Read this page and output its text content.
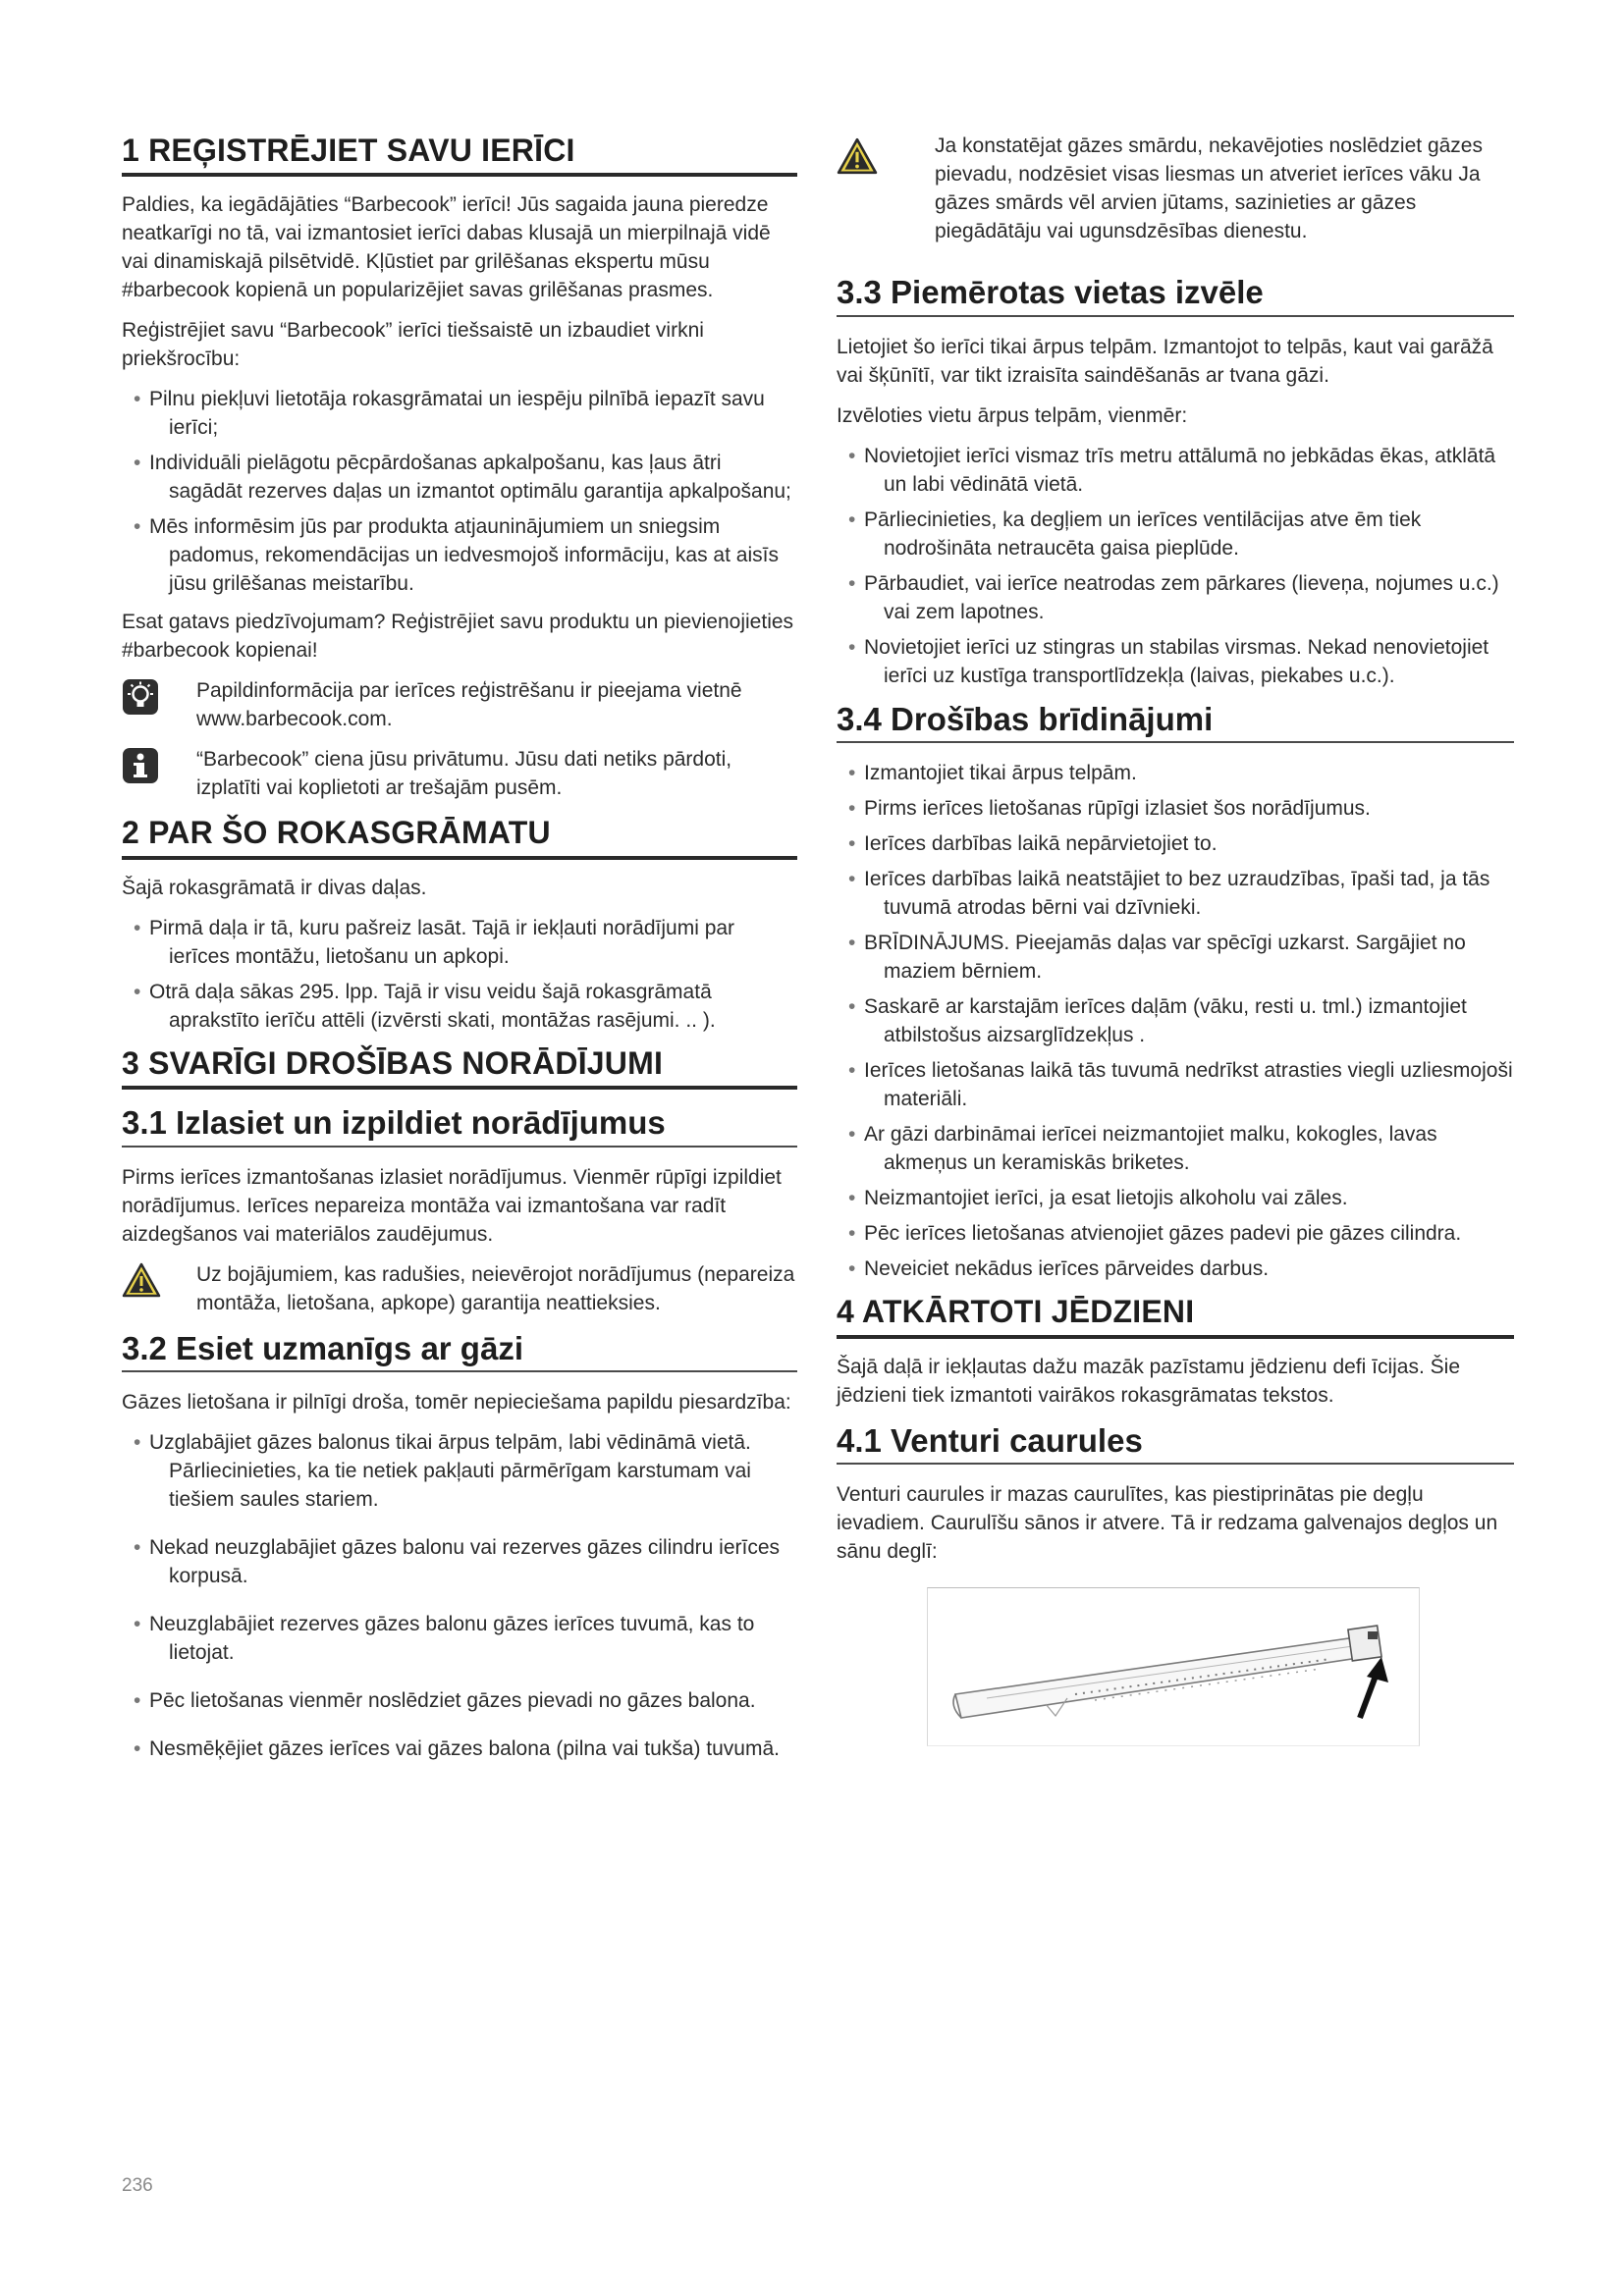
1 REĢISTRĒJIET SAVU IERĪCI

Paldies, ka iegādājāties “Barbecook” ierīci! Jūs sagaida jauna pieredze neatkarīgi no tā, vai izmantosiet ierīci dabas klusajā un mierpilnajā vidē vai dinamiskajā pilsētvidē. Kļūstiet par grilēšanas ekspertu mūsu #barbecook kopienā un popularizējiet savas grilēšanas prasmes.

Reģistrējiet savu “Barbecook” ierīci tiešsaistē un izbaudiet virkni priekšrocību:

• Pilnu piekļuvi lietotāja rokasgrāmatai un iespēju pilnībā iepazīt savu ierīci;
• Individuāli pielāgotu pēcpārdošanas apkalpošanu, kas ļaus ātri sagādāt rezerves daļas un izmantot optimālu garantija apkalpošanu;
• Mēs informēsim jūs par produkta atjauninājumiem un sniegsim padomus, rekomendācijas un iedvesmojoš informāciju, kas at aisīs jūsu grilēšanas meistarību.

Esat gatavs piedzīvojumam? Reģistrējiet savu produktu un pievienojieties #barbecook kopienai!

Papildinformācija par ierīces reģistrēšanu ir pieejama vietnē www.barbecook.com.
“Barbecook” ciena jūsu privātumu. Jūsu dati netiks pārdoti, izplatīti vai koplietoti ar trešajām pusēm.
2 PAR ŠO ROKASGRĀMATU

Šajā rokasgrāmatā ir divas daļas.

• Pirmā daļa ir tā, kuru pašreiz lasāt. Tajā ir iekļauti norādījumi par ierīces montāžu, lietošanu un apkopi.
• Otrā daļa sākas 295. lpp. Tajā ir visu veidu šajā rokasgrāmatā aprakstīto ierīču attēli (izvērsti skati, montāžas rasējumi. .. ).
3 SVARĪGI DROŠĪBAS NORĀDĪJUMI
3.1 Izlasiet un izpildiet norādījumus

Pirms ierīces izmantošanas izlasiet norādījumus. Vienmēr rūpīgi izpildiet norādījumus. Ierīces nepareiza montāža vai izmantošana var radīt aizdegšanos vai materiālos zaudējumus.

Uz bojājumiem, kas radušies, neievērojot norādījumus (nepareiza montāža, lietošana, apkope) garantija neattieksies.
3.2 Esiet uzmanīgs ar gāzi

Gāzes lietošana ir pilnīgi droša, tomēr nepieciešama papildu piesardzība:

• Uzglabājiet gāzes balonus tikai ārpus telpām, labi vēdināmā vietā. Pārliecinieties, ka tie netiek pakļauti pārmērīgam karstumam vai tiešiem saules stariem.
• Nekad neuzglabājiet gāzes balonu vai rezerves gāzes cilindru ierīces korpusā.
• Neuzglabājiet rezerves gāzes balonu gāzes ierīces tuvumā, kas to lietojat.
• Pēc lietošanas vienmēr noslēdziet gāzes pievadi no gāzes balona.
• Nesmēķējiet gāzes ierīces vai gāzes balona (pilna vai tukša) tuvumā.
Ja konstatējat gāzes smārdu, nekavējoties noslēdziet gāzes pievadu, nodzēsiet visas liesmas un atveriet ierīces vāku Ja gāzes smārds vēl arvien jūtams, sazinieties ar gāzes piegādātāju vai ugunsdzēsības dienestu.
3.3 Piemērotas vietas izvēle

Lietojiet šo ierīci tikai ārpus telpām. Izmantojot to telpās, kaut vai garāžā vai šķūnītī, var tikt izraisīta saindēšanās ar tvana gāzi.

Izvēloties vietu ārpus telpām, vienmēr:

• Novietojiet ierīci vismaz trīs metru attālumā no jebkādas ēkas, atklātā un labi vēdinātā vietā.
• Pārliecinieties, ka degļiem un ierīces ventilācijas atve ēm tiek nodrošināta netraucēta gaisa pieplūde.
• Pārbaudiet, vai ierīce neatrodas zem pārkares (lieveņa, nojumes u.c.) vai zem lapotnes.
• Novietojiet ierīci uz stingras un stabilas virsmas. Nekad nenovietojiet ierīci uz kustīga transportlīdzekļa (laivas, piekabes u.c.).
3.4 Drošības brīdinājumi
• Izmantojiet tikai ārpus telpām.
• Pirms ierīces lietošanas rūpīgi izlasiet šos norādījumus.
• Ierīces darbības laikā nepārvietojiet to.
• Ierīces darbības laikā neatstājiet to bez uzraudzības, īpaši tad, ja tās tuvumā atrodas bērni vai dzīvnieki.
• BRĪDINĀJUMS. Pieejamās daļas var spēcīgi uzkarst. Sargājiet no maziem bērniem.
• Saskarē ar karstajām ierīces daļām (vāku, resti u. tml.) izmantojiet atbilstošus aizsarglīdzekļus .
• Ierīces lietošanas laikā tās tuvumā nedrīkst atrasties viegli uzliesmojoši materiāli.
• Ar gāzi darbināmai ierīcei neizmantojiet malku, kokogles, lavas akmeņus un keramiskās briketes.
• Neizmantojiet ierīci, ja esat lietojis alkoholu vai zāles.
• Pēc ierīces lietošanas atvienojiet gāzes padevi pie gāzes cilindra.
• Neveiciet nekādus ierīces pārveides darbus.
4 ATKĀRTOTI JĒDZIENI

Šajā daļā ir iekļautas dažu mazāk pazīstamu jēdzienu defi īcijas. Šie jēdzieni tiek izmantoti vairākos rokasgrāmatas tekstos.

4.1 Venturi caurules

Venturi caurules ir mazas caurulītes, kas piestiprinātas pie degļu ievadiem. Caurulīšu sānos ir atvere. Tā ir redzama galvenajos degļos un sānu deglī:

236
